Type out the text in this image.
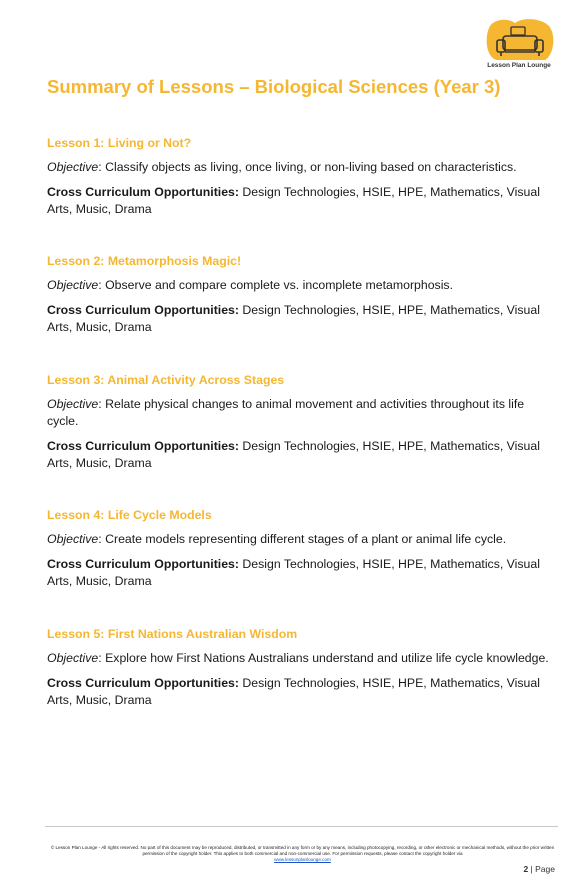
Lesson Plan Lounge
Summary of Lessons – Biological Sciences (Year 3)
Lesson 1: Living or Not?

Objective: Classify objects as living, once living, or non-living based on characteristics.

Cross Curriculum Opportunities: Design Technologies, HSIE, HPE, Mathematics, Visual Arts, Music, Drama

Lesson 2: Metamorphosis Magic!

Objective: Observe and compare complete vs. incomplete metamorphosis.

Cross Curriculum Opportunities: Design Technologies, HSIE, HPE, Mathematics, Visual Arts, Music, Drama

Lesson 3: Animal Activity Across Stages

Objective: Relate physical changes to animal movement and activities throughout its life cycle.

Cross Curriculum Opportunities: Design Technologies, HSIE, HPE, Mathematics, Visual Arts, Music, Drama

Lesson 4: Life Cycle Models

Objective: Create models representing different stages of a plant or animal life cycle.

Cross Curriculum Opportunities: Design Technologies, HSIE, HPE, Mathematics, Visual Arts, Music, Drama

Lesson 5: First Nations Australian Wisdom

Objective: Explore how First Nations Australians understand and utilize life cycle knowledge.

Cross Curriculum Opportunities: Design Technologies, HSIE, HPE, Mathematics, Visual Arts, Music, Drama

© Lesson Plan Lounge - All rights reserved. No part of this document may be reproduced, distributed, or transmitted in any form or by any means, including photocopying, recording, or other electronic or mechanical methods, without the prior written permission of the copyright holder. This applies to both commercial and non-commercial use. For permission requests, please contact the copyright holder via
www.lessonplanlounge.com
2 | Page
